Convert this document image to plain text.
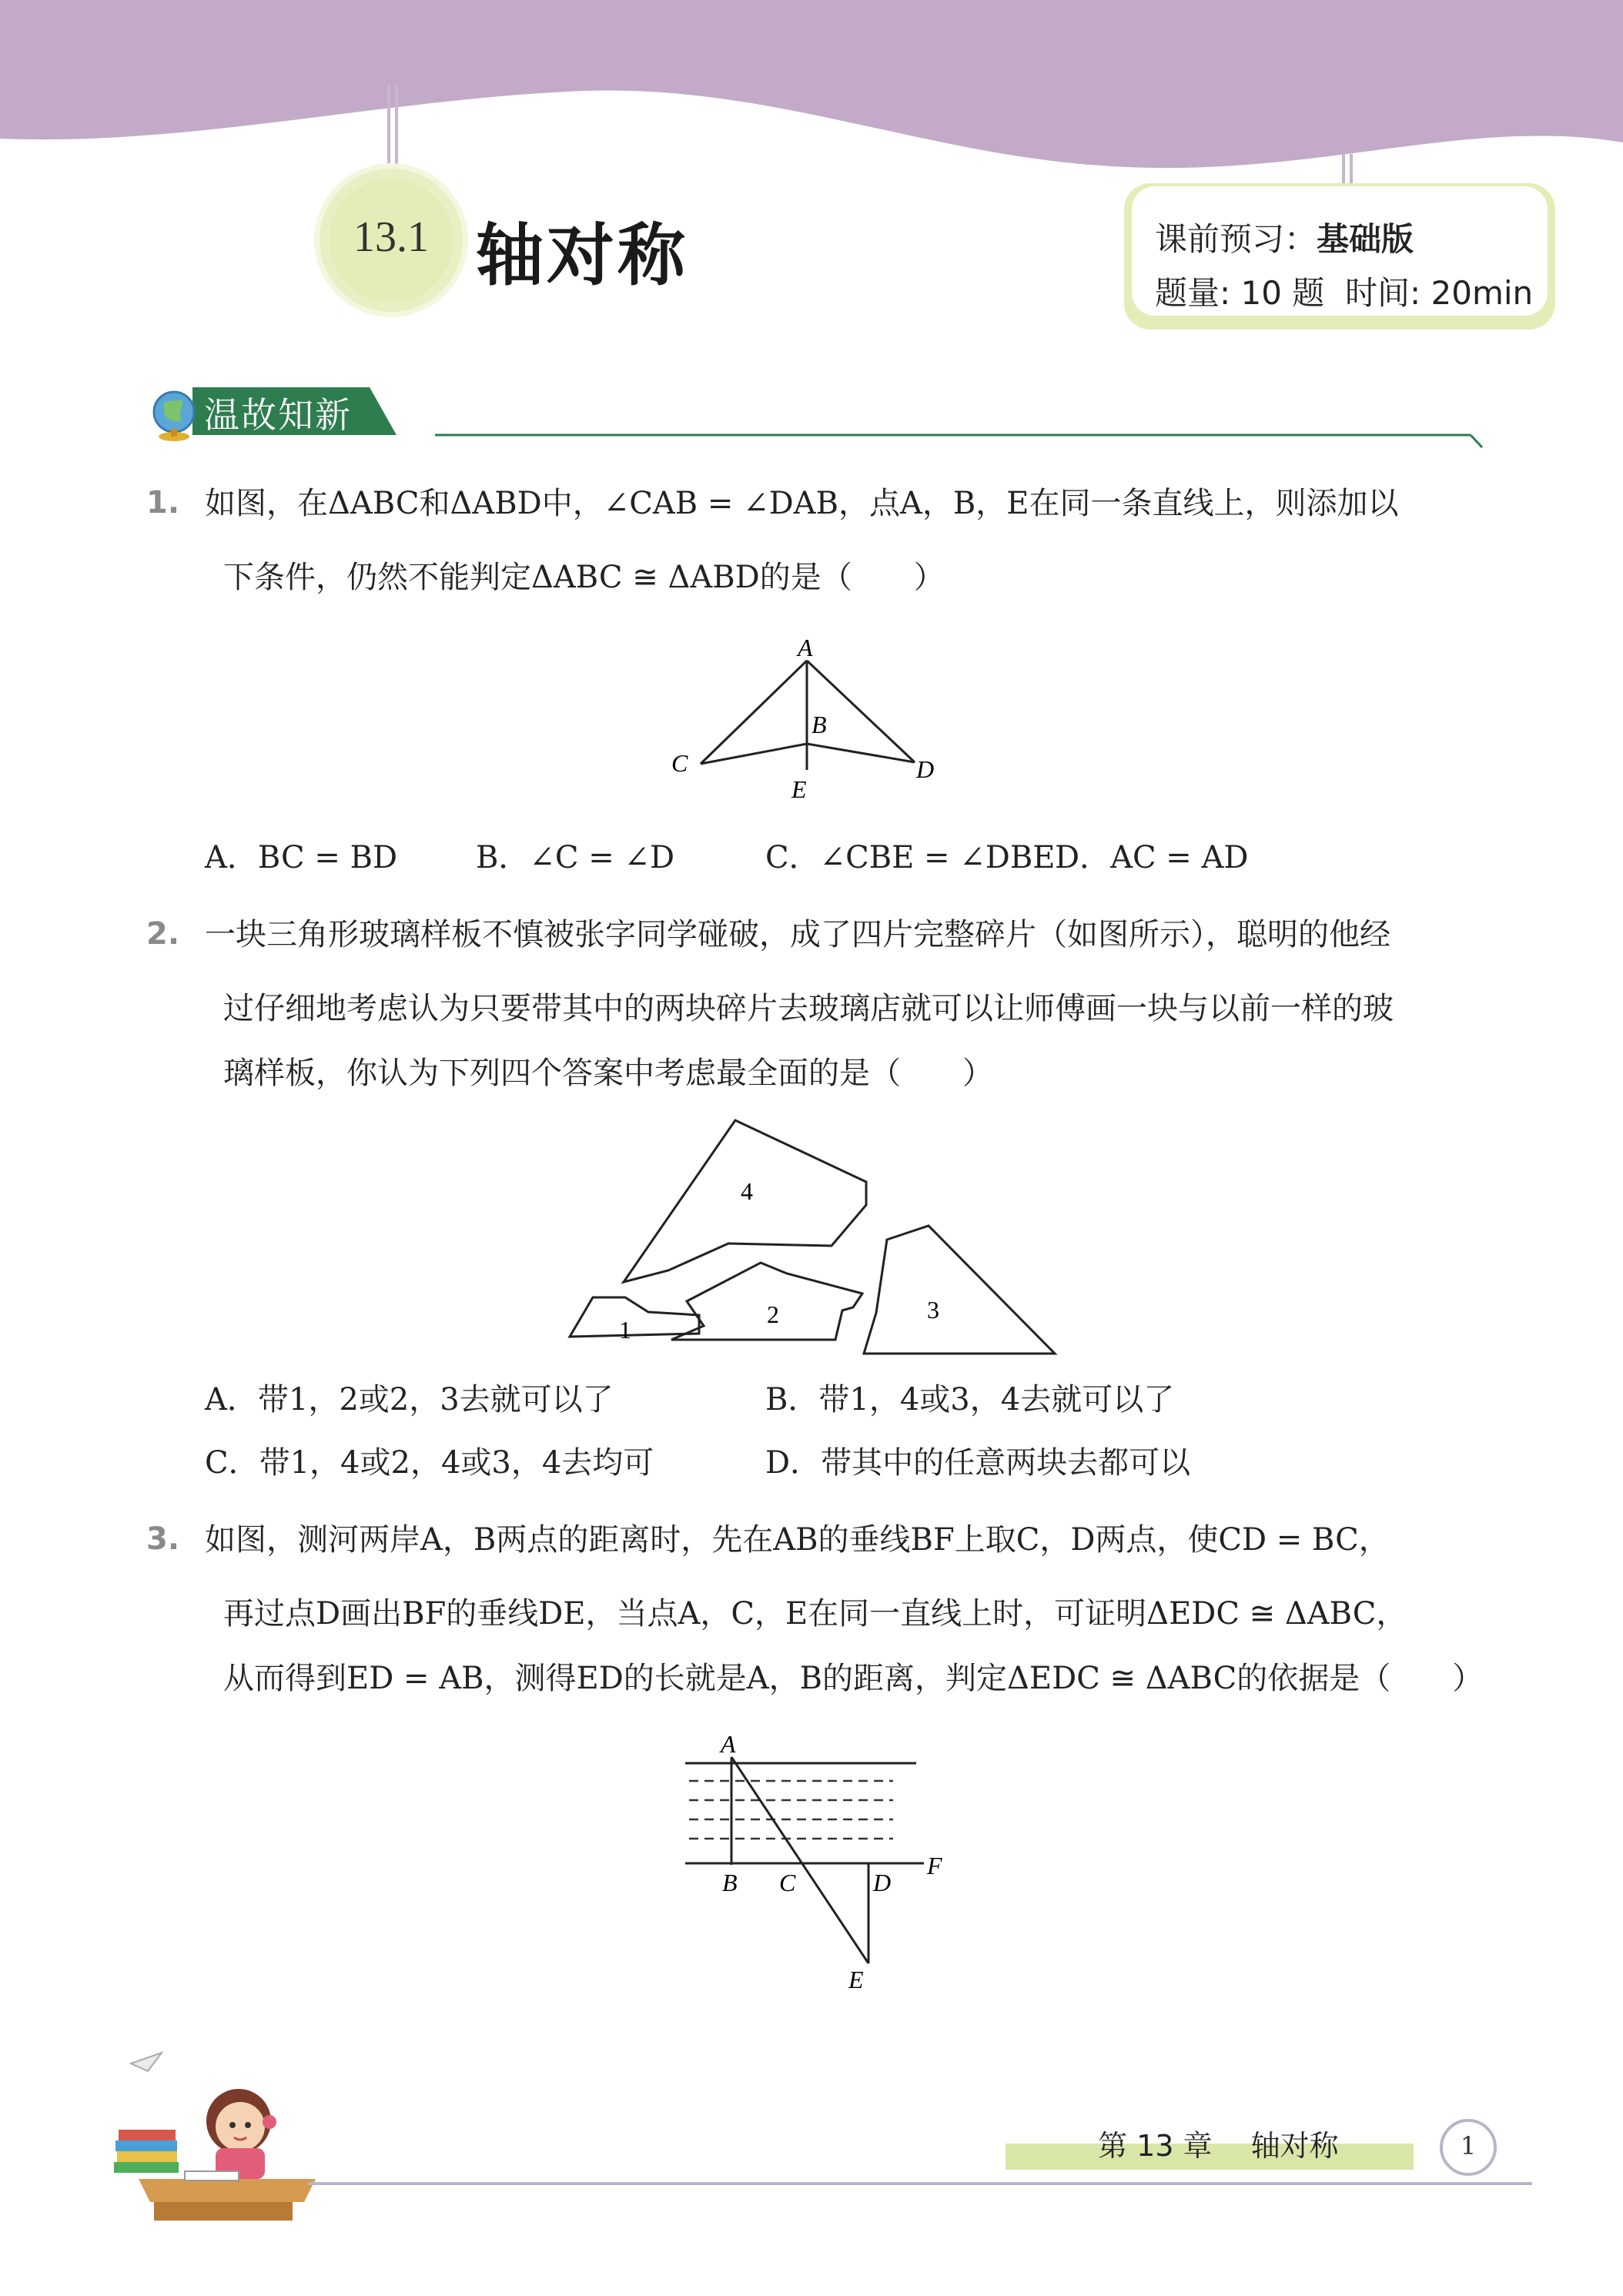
13.1 轴对称	课前预习：基础版
题量: 10 题  时间: 20min
温故知新
1. 如图，在ΔABC和ΔABD中，∠CAB = ∠DAB，点A，B，E在同一条直线上，则添加以
下条件，仍然不能判定ΔABC ≅ ΔABD的是（　　）
A
B
C	D
E
A．BC = BD	B．∠C = ∠D	C．∠CBE = ∠DBE D．AC = AD
2. 一块三角形玻璃样板不慎被张字同学碰破，成了四片完整碎片（如图所示），聪明的他经
过仔细地考虑认为只要带其中的两块碎片去玻璃店就可以让师傅画一块与以前一样的玻
璃样板，你认为下列四个答案中考虑最全面的是（　　）
4
1
2	3
A．带1，2或2，3去就可以了	B．带1，4或3，4去就可以了
C．带1，4或2，4或3，4去均可	D．带其中的任意两块去都可以
3. 如图，测河两岸A，B两点的距离时，先在AB的垂线BF上取C，D两点，使CD = BC，
再过点D画出BF的垂线DE，当点A，C，E在同一直线上时，可证明ΔEDC ≅ ΔABC，
从而得到ED = AB，测得ED的长就是A，B的距离，判定ΔEDC ≅ ΔABC的依据是（　　）
A
B C	D
E
F
第 13 章　 轴对称	1
